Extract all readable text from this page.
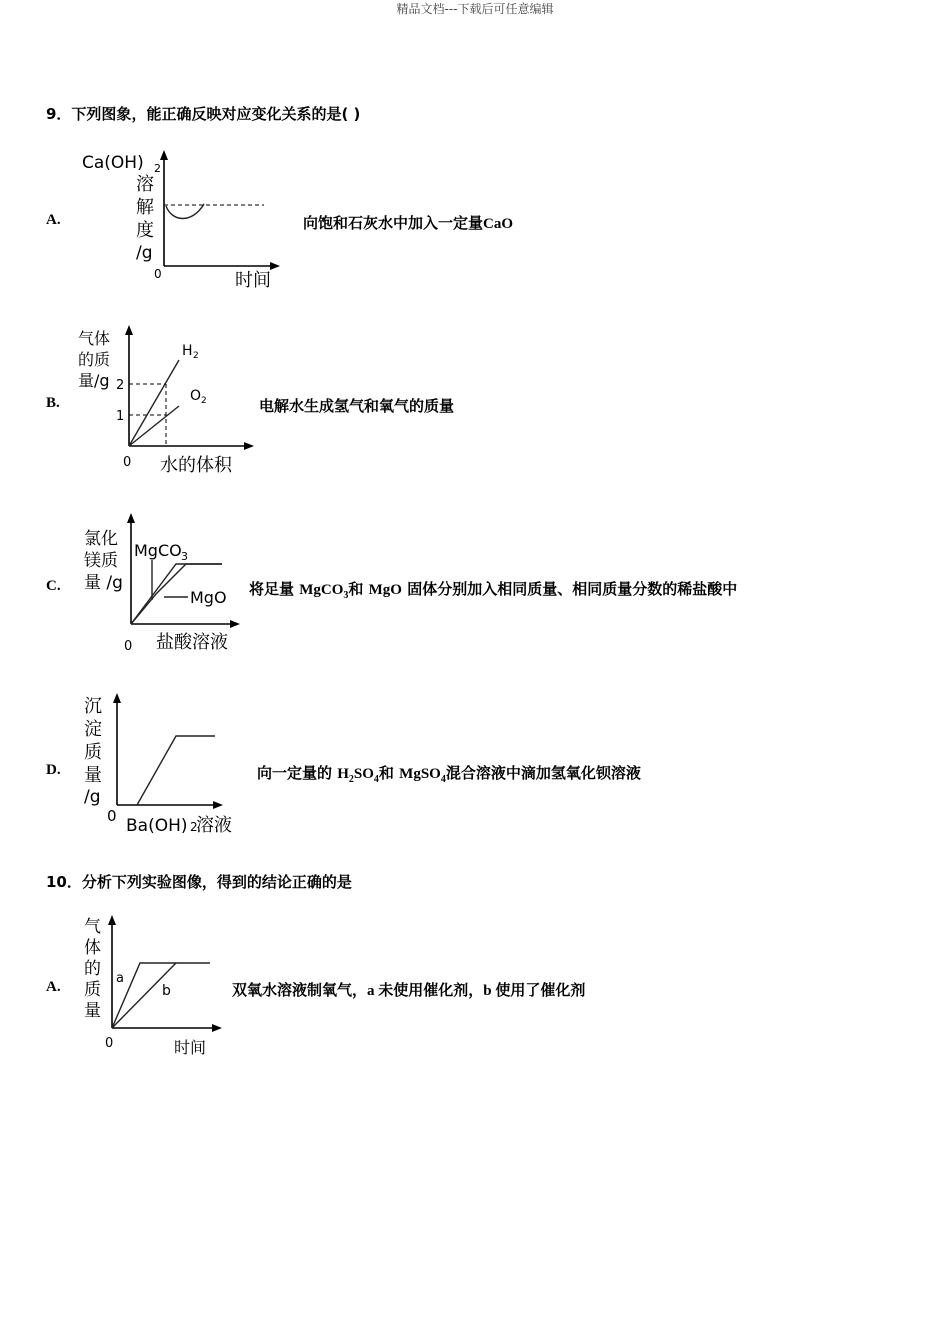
精品文档---下载后可任意编辑
9．下列图象，能正确反映对应变化关系的是( )
A.
Ca(OH) 2
溶
解
度
/g
0	时间
向饱和石灰水中加入一定量CaO
B.
气体
的质
量/g 2
1
H 2
O 2
0 水的体积
电解水生成氢气和氧气的质量
C.
氯化
镁质
量 /g
MgCO 3
MgO
0 盐酸溶液
将足量 MgCO$_3$和 MgO 固体分别加入相同质量、相同质量分数的稀盐酸中
D.
沉
淀
质
量
/g
0 Ba(OH) 2
溶液
向一定量的 $H_2SO_4$和 MgSO$_4$混合溶液中滴加氢氧化钡溶液
10．分析下列实验图像，得到的结论正确的是
A.
气
体
的
质
量
a
b
0	时间
双氧水溶液制氧气，a 未使用催化剂，b 使用了催化剂
